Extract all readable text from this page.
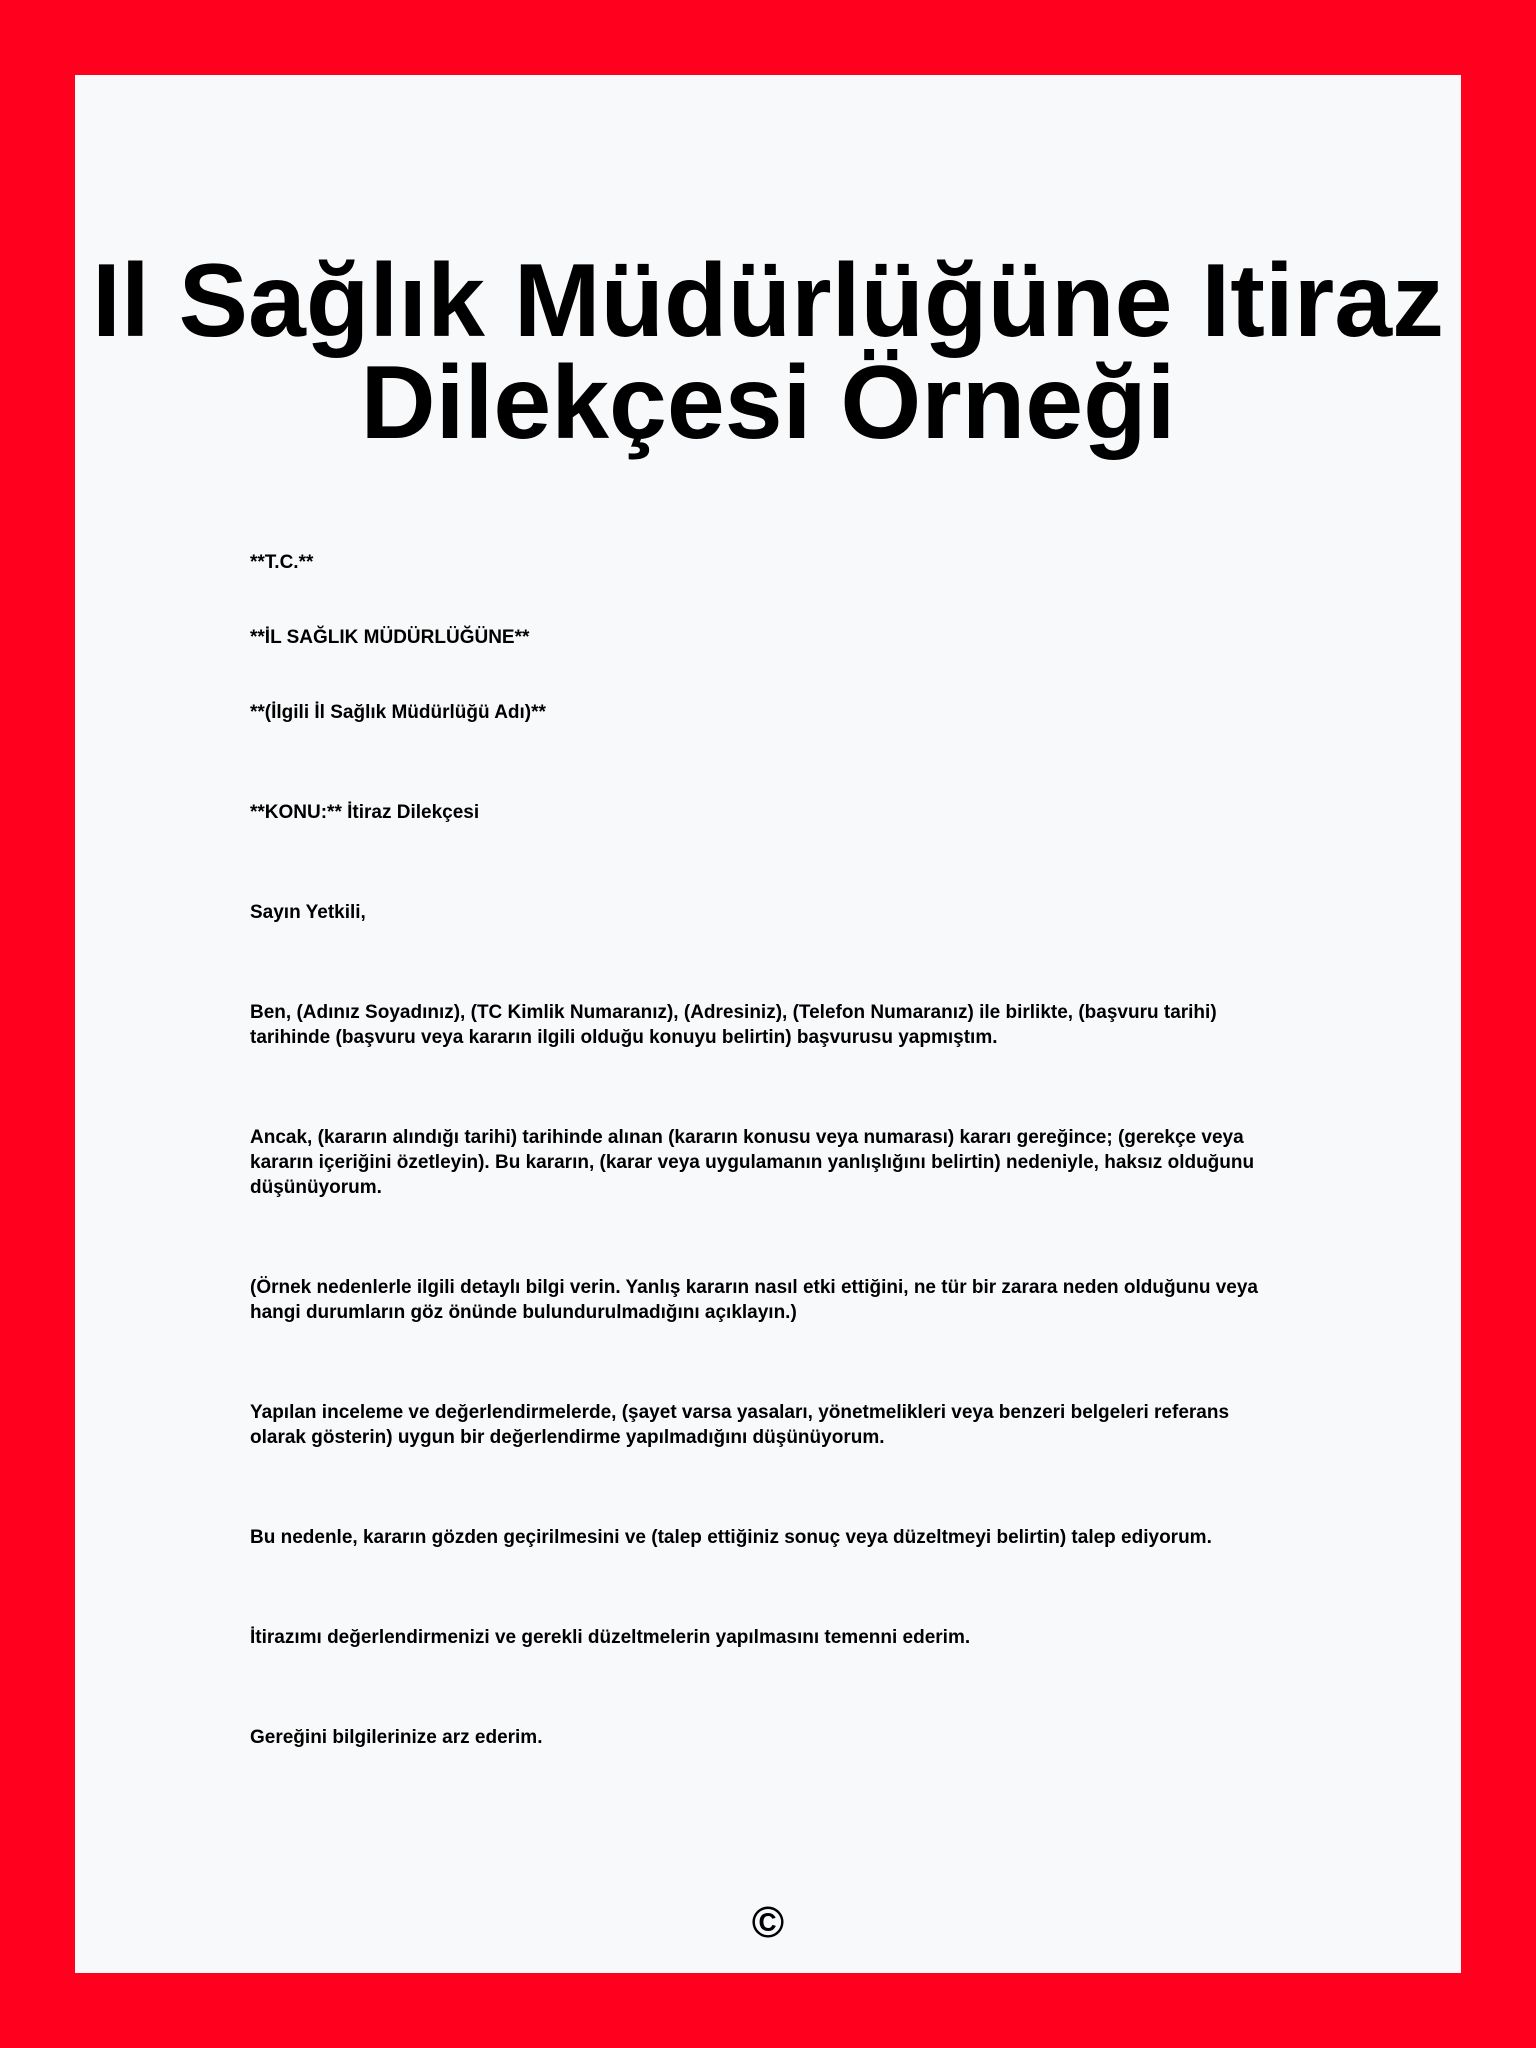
Il Sağlık Müdürlüğüne Itiraz Dilekçesi Örneği

**T.C.**

**İL SAĞLIK MÜDÜRLÜĞÜNE**

**(İlgili İl Sağlık Müdürlüğü Adı)**

**KONU:** İtiraz Dilekçesi

Sayın Yetkili,

Ben, (Adınız Soyadınız), (TC Kimlik Numaranız), (Adresiniz), (Telefon Numaranız) ile birlikte, (başvuru tarihi) tarihinde (başvuru veya kararın ilgili olduğu konuyu belirtin) başvurusu yapmıştım.

Ancak, (kararın alındığı tarihi) tarihinde alınan (kararın konusu veya numarası) kararı gereğince; (gerekçe veya kararın içeriğini özetleyin). Bu kararın, (karar veya uygulamanın yanlışlığını belirtin) nedeniyle, haksız olduğunu düşünüyorum.

(Örnek nedenlerle ilgili detaylı bilgi verin. Yanlış kararın nasıl etki ettiğini, ne tür bir zarara neden olduğunu veya hangi durumların göz önünde bulundurulmadığını açıklayın.)

Yapılan inceleme ve değerlendirmelerde, (şayet varsa yasaları, yönetmelikleri veya benzeri belgeleri referans olarak gösterin) uygun bir değerlendirme yapılmadığını düşünüyorum.

Bu nedenle, kararın gözden geçirilmesini ve (talep ettiğiniz sonuç veya düzeltmeyi belirtin) talep ediyorum.

İtirazımı değerlendirmenizi ve gerekli düzeltmelerin yapılmasını temenni ederim.

Gereğini bilgilerinize arz ederim.

©
